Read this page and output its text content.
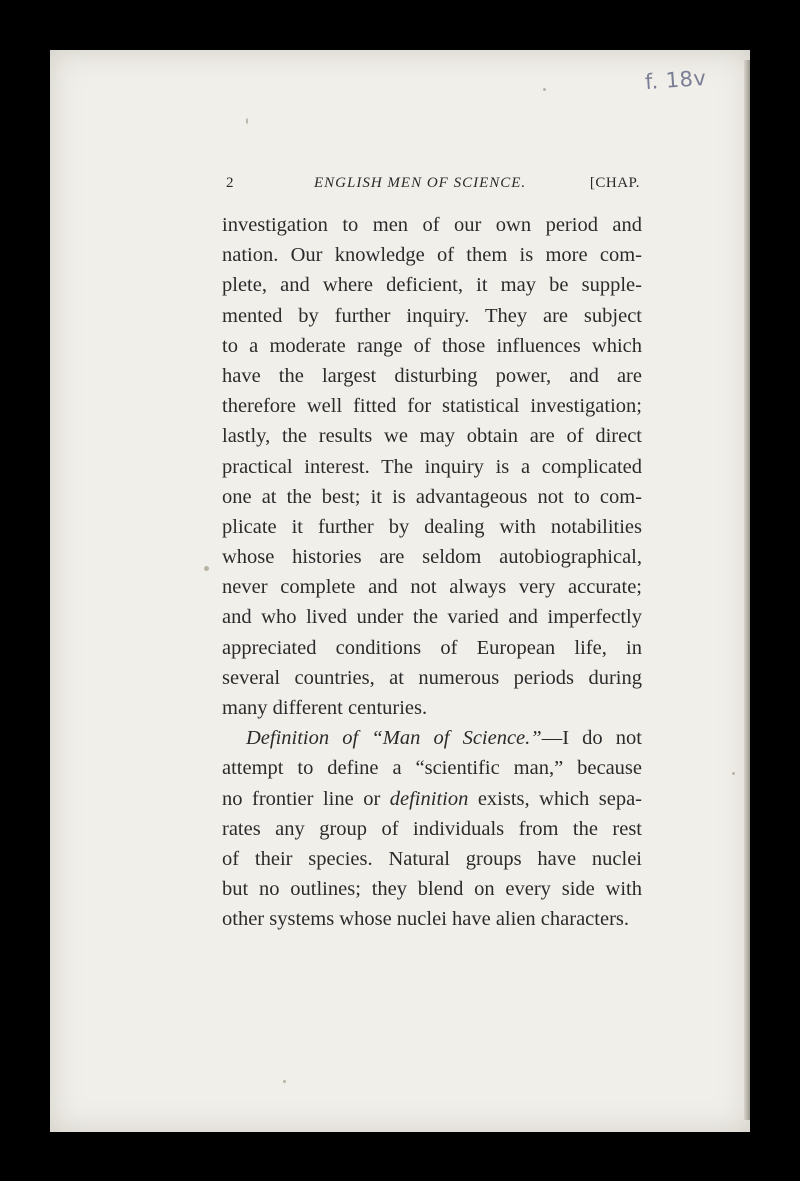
f. 18v
2	ENGLISH MEN OF SCIENCE.	[CHAP.
investigation to men of our own period and
nation. Our knowledge of them is more com-
plete, and where deficient, it may be supple-
mented by further inquiry. They are subject
to a moderate range of those influences which
have the largest disturbing power, and are
therefore well fitted for statistical investigation;
lastly, the results we may obtain are of direct
practical interest. The inquiry is a complicated
one at the best; it is advantageous not to com-
plicate it further by dealing with notabilities
whose histories are seldom autobiographical,
never complete and not always very accurate;
and who lived under the varied and imperfectly
appreciated conditions of European life, in
several countries, at numerous periods during
many different centuries.
Definition of “Man of Science.”—I do not
attempt to define a “scientific man,” because
no frontier line or definition exists, which sepa-
rates any group of individuals from the rest
of their species. Natural groups have nuclei
but no outlines; they blend on every side with
other systems whose nuclei have alien characters.
